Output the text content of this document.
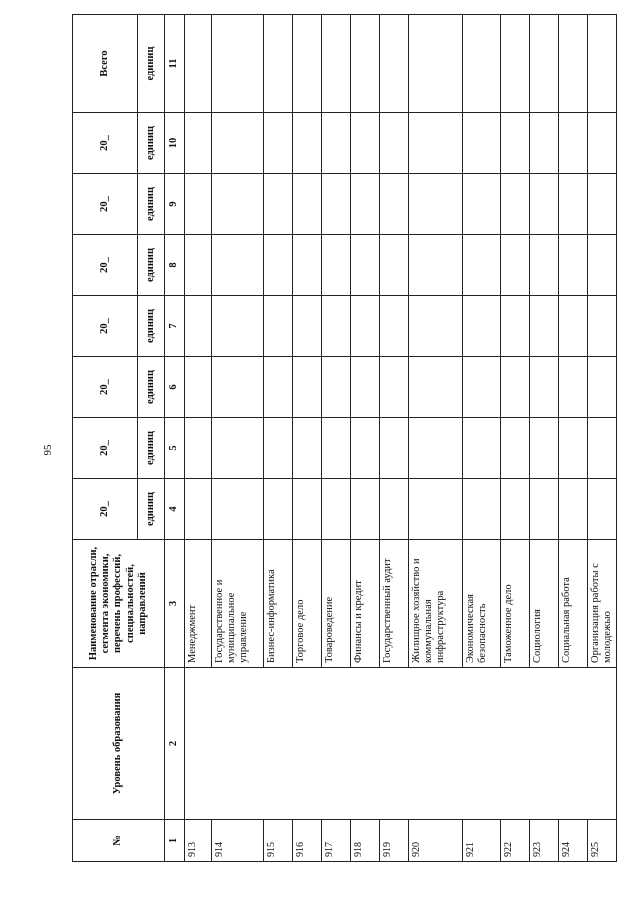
95
№	Уровень образования	Наименование отрасли, сегмента экономики, перечень профессий, специальностей, направлений	20_	20_	20_	20_	20_	20_	20_	Всего
			единиц	единиц	единиц	единиц	единиц	единиц	единиц	единиц
1	2	3	4	5	6	7	8	9	10	11
913		Менеджмент								
914		Государственное и муниципальное управление								
915		Бизнес-информатика								
916		Торговое дело								
917		Товароведение								
918		Финансы и кредит								
919		Государственный аудит								
920		Жилищное хозяйство и коммунальная инфраструктура								
921		Экономическая безопасность								
922		Таможенное дело								
923		Социология								
924		Социальная работа								
925		Организация работы с молодежью								
